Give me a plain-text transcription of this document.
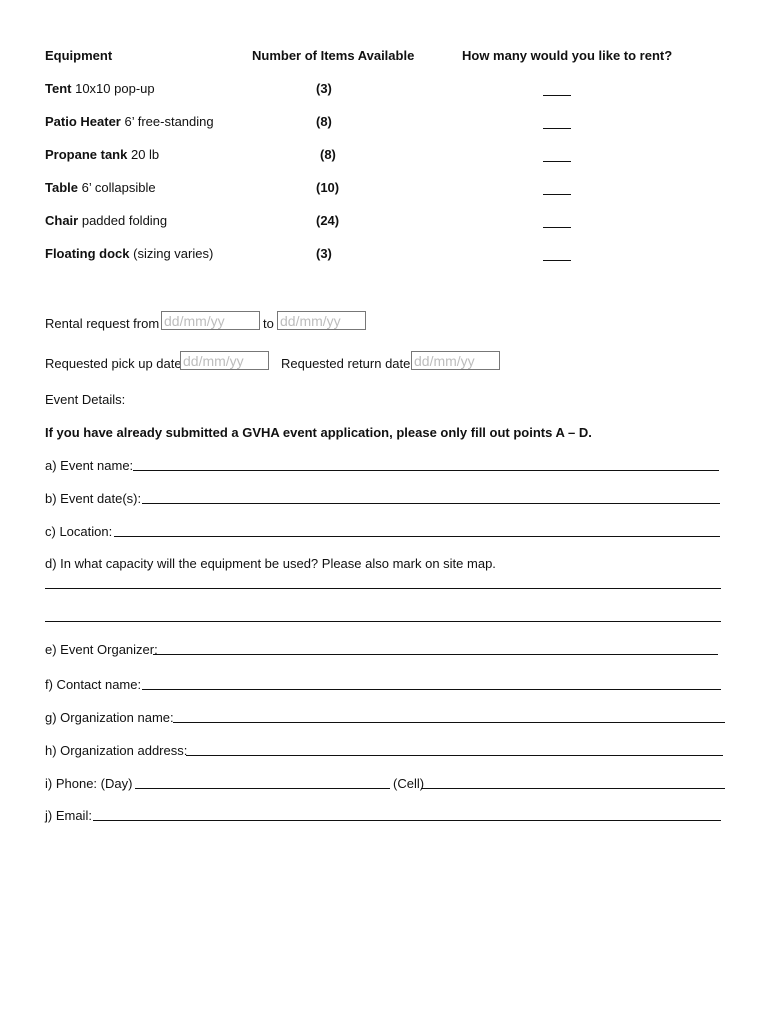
Equipment	Number of Items Available	How many would you like to rent?
Tent 10x10 pop-up	(3)
Patio Heater 6’ free-standing	(8)
Propane tank 20 lb	(8)
Table 6’ collapsible	(10)
Chair padded folding	(24)
Floating dock (sizing varies)	(3)
Rental request from dd/mm/yy	to dd/mm/yy
Requested pick up date dd/mm/yy	Requested return date dd/mm/yy
Event Details:
If you have already submitted a GVHA event application, please only fill out points A – D.
a) Event name:
b) Event date(s):
c) Location:
d) In what capacity will the equipment be used? Please also mark on site map.
e) Event Organizer:
f) Contact name:
g) Organization name:
h) Organization address:
i) Phone: (Day)	(Cell)
j) Email:
